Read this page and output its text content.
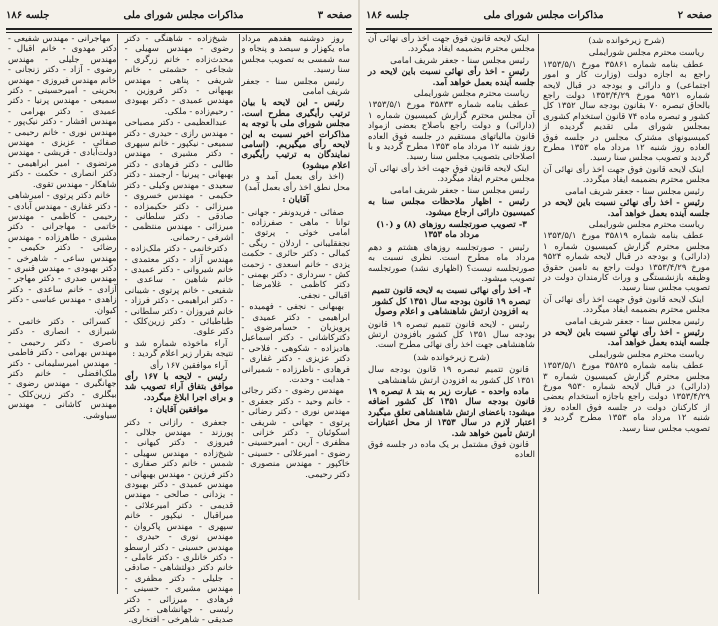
صفحه ۳
مذاکرات مجلس شورای ملی
جلسه ۱۸۶

روز دوشنبه هفدهم مرداد ماه یکهزار و سیصد و پنجاه و سه شمسی به تصویب مجلس سنا رسید.

رئیس مجلس سنا - جعفر شریف امامی

رئیس - این لایحه با بیان ترتیب رأیگیری مطرح است. مجلس شورای ملی با توجه به مذاکرات اخیر نسبت به این لایحه رأی میگیریم. (اسامی نمایندگان به ترتیب رأیگیری اعلام میشود)

(اخذ رأی بعمل آمد و در محل نطق اخذ رأی بعمل آمد)

آقایان :

صفائی - فریدونفر - جهانی - توانا - ماهی - صفرزاده - امامی خوئی - پرتوی - نجفقلیبانی - اردلان - ریگی - کمالی - دکتر حائری - حکمت یزدی - خانم اسعدی - زحمت کش - سرداری - دکتر بهمنی - دکتر کاظمی - غلامرضا - اقبالی - نجفی.

بهبهانی - نجفی - فهمیده - ابراهیمی - دکتر عمیدی - پرویزیان - حسامرضوی - دکترکاشانی - دکتر اسماعیل هادیزاده - شکوهی - فلاحی - دکتر عزیزی - دکتر غفاری - فرهادی - ناظرزاده - شمیرانی - هدایت - وحدت.

مهندس رضوی - دکتر رجائی - خانم وحید - دکتر جعفری - مهندس نوری - دکتر رضائی - پرتوی - جهانی - شریفی - اسکوئیان - دکتر خزانی - مظفری - آرین - امیرحسینی - رضوی - امیرعلائی - حسینی - خاکپور - مهندس منصوری - دکتر رحیمی.

شیخ‌زاده - شاهنگی - دکتر رضوی - مهندس سهیلی - محدث‌زاده - خانم زرگری - شجاعی - حشمتی - خانم شریفی - پناهی - مهندس بهبهانی - دکتر فروزین - مهندس عمیدی - دکتر بهبودی - رحیم‌زاده - ملکی.

عبدالعظیمی - دکتر مصباحی - مهندس رازی - حیدری - دکتر سمیعی - نیکپور - خانم سپهری - دکتر مشیری - مهندس طالبی - دکتر فرهادی - دکتر بهبهانی - پیرنیا - ارجمند - دکتر سعیدی - مهندس وکیلی - دکتر حکیمی - مهندس خسروی - میرزائی - دکتر حکیمزاده - صادقی - دکتر سلطانی - میرزائی - مهندس منتظمی - اشرفی - رحمانی.

دکترخانمی - دکتر ملک‌زاده - مهندس آزاد - دکتر معتمدی - خانم شیروانی - دکتر عمیدی - خانم شاهین - ساعدی - شفیعی - خانم پرتوی - شیبانی - دکتر ابراهیمی - دکتر فرزاد - خانم فیروزان - دکتر سلطانی - طباطبائی - دکتر زرین‌کلک - دکتر علوی.

آراء ماخوذه شماره شد و نتیجه بقرار زیر اعلام گردید :

آراء موافقین ۱۶۷ رأی

رئیس - لایحه با ۱۶۷ رأی موافق بتفاق آراء تصویب شد و برای اجرا ابلاغ میگردد.

موافقین آقایان :

جعفری - رازانی - دکتر پورزند - مهندس جلالی - فیروزی - دکتر کیهانی - شیخ‌زاده - مهندس سهیلی - شمس - خانم دکتر صفاری - دکتر فرزین - مهندس بهبهانی - مهندس عمیدی - دکتر بهبودی - یزدانی - صالحی - مهندس قدیمی - دکتر امیرعلائی - میراقبال - نیکپور - خانم سپهری - مهندس پاکروان - مهندس نوری - حیدری - مهندس حسینی - دکتر ارسطو - دکتر خانلری - دکتر عاملی - خانم دکتر دولتشاهی - صادقی - جلیلی - دکتر مظفری - مهندس مشیری - حسینی - فرهادی - میرزائی - دکتر رئیسی - جهانشاهی - دکتر صدیقی - شاهرخی - افتخاری.

مهاجرانی - مهندس شفیعی - دکتر مهدوی - خانم اقبال - مهندس جلیلی - مهندس رضوی - آزاد - دکتر زنجانی - خانم مهندس فیروزی - مهندس بحرینی - امیرحسینی - دکتر سمیعی - مهندس پرنیا - دکتر عمیدی - دکتر بهرامی - مهندس افشار - دکتر نیک‌پور - مهندس نوری - خانم رحیمی - صفائی - عزیزی - مهندس دولت‌آبادی - قریشی - مهندس مرتضوی - امیر ابراهیمی - دکتر انصاری - حکمت - دکتر شاهکار - مهندس تقوی.

خانم دکتر پرتوی - امیرشاهی - دکتر غفاری - مهندس آبادی - رحیمی - کاظمی - مهندس خاتمی - مهاجرانی - دکتر مشیری - طاهرزاده - مهندس رضائی - دکتر حکیمی - مهندس ساعی - شاهرخی - دکتر بهبودی - مهندس قنبری - مهندس صدری - دکتر مهاجر - آزادی - خانم ساعدی - دکتر زاهدی - مهندس عباسی - دکتر کیوان.

کسرائی - دکتر خاتمی - شیرازی - انصاری - دکتر ناصری - دکتر رحیمی - مهندس بهرامی - دکتر فاطمی - مهندس امیرسلیمانی - دکتر ملک‌افضلی - خانم دکتر جهانگیری - مهندس رضوی - بیگلری - دکتر زرین‌کلک - مهندس کاشانی - مهندس سیاوشی.

صفحه ۲
مذاکرات مجلس شورای ملی
جلسه ۱۸۶

(شرح زیرخوانده شد)

ریاست محترم مجلس شورایملی

عطف بنامه شماره ۳۵۸۶۱ مورخ ۱۳۵۳/۵/۱ راجع به اجازه دولت (وزارت کار و امور اجتماعی) و دارائی و بودجه در قبال لایحه شماره ۹۵۲۱ مورخ ۱۳۵۳/۴/۲۹ دولت راجع بالحاق تبصره ۷۰ بقانون بودجه سال ۱۳۵۲ کل کشور و تبصره ماده ۷۴ قانون استخدام کشوری بمجلس شورای ملی تقدیم گردیده از کمیسیونهای مشترک مجلس در جلسه فوق العاده روز شنبه ۱۲ مرداد ماه ۱۳۵۳ مطرح گردید و تصویب مجلس سنا رسید.

اینک لایحه قانون فوق جهت اخذ رأی نهائی آن مجلس محترم بضمیمه ایفاد میگردد.

رئیس مجلس سنا - جعفر شریف امامی

رئیس - اخذ رأی نهائی نسبت باین لایحه در جلسه آینده بعمل خواهد آمد.

ریاست محترم مجلس شورایملی

عطف بنامه شماره ۳۵۸۱۹ مورخ ۱۳۵۳/۵/۱ مجلس محترم گزارش کمیسیون شماره ۱ (دارائی) و بودجه در قبال لایحه شماره ۹۵۲۴ مورخ ۱۳۵۳/۴/۲۹ دولت راجع به تامین حقوق وظیفه بازنشستگی و وراث کارمندان دولت در تصویب مجلس سنا رسید.

اینک لایحه قانون فوق جهت اخذ رأی نهائی آن مجلس محترم بضمیمه ایفاد میگردد.

رئیس مجلس سنا - جعفر شریف امامی

رئیس - اخذ رأی نهائی نسبت باین لایحه در جلسه آینده بعمل خواهد آمد.

ریاست محترم مجلس شورایملی

عطف بنامه شماره ۳۵۸۲۵ مورخ ۱۳۵۳/۵/۱ مجلس محترم گزارش کمیسیون شماره ۳ (دارائی) در قبال لایحه شماره ۹۵۳۰ مورخ ۱۳۵۳/۴/۲۹ دولت راجع باجازه استخدام بعضی از کارکنان دولت در جلسه فوق العاده روز شنبه ۱۲ مرداد ماه ۱۳۵۳ مطرح گردید و تصویب مجلس سنا رسید.

اینک لایحه قانون فوق جهت اخذ رأی نهائی آن مجلس محترم بضمیمه ایفاد میگردد.

رئیس مجلس سنا - جعفر شریف امامی

رئیس - اخذ رأی نهائی نسبت باین لایحه در جلسه آینده بعمل خواهد آمد.

ریاست محترم مجلس شورایملی

عطف بنامه شماره ۳۵۸۳۳ مورخ ۱۳۵۳/۵/۱ آن مجلس محترم گزارش کمیسیون شماره ۱ (دارائی) و دولت راجع باصلاح بعضی ازمواد قانون مالیاتهای مستقیم در جلسه فوق العاده روز شنبه ۱۲ مرداد ماه ۱۳۵۳ مطرح گردید و با اصلاحاتی بتصویب مجلس سنا رسید.

اینک لایحه قانون فوق جهت اخذ رأی نهائی آن مجلس محترم ایفاد میگردد.

رئیس مجلس سنا - جعفر شریف امامی

رئیس - اظهار ملاحظات مجلس سنا به کمیسیون دارائی ارجاع میشود.

۳- تصویب صورتجلسه روزهای (۸) و (۱۰) مرداد ماه ۱۳۵۳

رئیس - صورتجلسه روزهای هشتم و دهم مرداد ماه مطرح است. نظری نسبت به صورتجلسه نیست؟ (اظهاری نشد) صورتجلسه تصویب میشود.

۴- اخذ رأی نهائی نسبت به لایحه قانون تتمیم تبصره ۱۹ قانون بودجه سال ۱۳۵۱ کل کشور به افزودن ارتش شاهنشاهی و اعلام وصول

رئیس - لایحه قانون تتمیم تبصره ۱۹ قانون بودجه سال ۱۳۵۱ کل کشور بافزودن ارتش شاهنشاهی جهت اخذ رأی نهائی مطرح است.

(شرح زیرخوانده شد)

قانون تتمیم تبصره ۱۹ قانون بودجه سال ۱۳۵۱ کل کشور به افزودن ارتش شاهنشاهی

ماده واحده - عبارت زیر به بند ۸ تبصره ۱۹ قانون بودجه سال ۱۳۵۱ کل کشور اضافه میشود: باعضای ارتش شاهنشاهی تعلق میگیرد اعتبار لازم در سال ۱۳۵۳ از محل اعتبارات ارتش تأمین خواهد شد.

قانون فوق مشتمل بر یک ماده در جلسه فوق العاده
